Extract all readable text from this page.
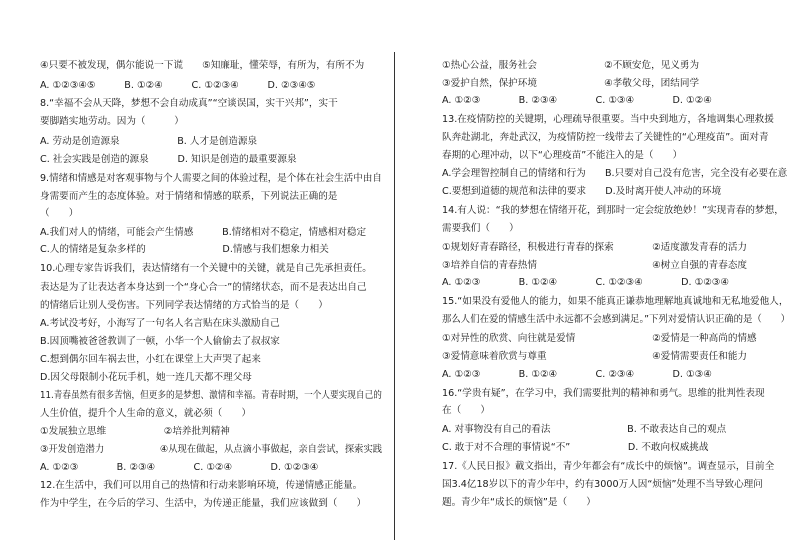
④只要不被发现，偶尔能说一下谎　　⑤知廉耻，懂荣辱，有所为，有所不为
A. ①②③④⑤　　　B. ①②④　　　C. ①②③④　　　D. ②③④⑤
8.“幸福不会从天降，梦想不会自动成真”“空谈误国，实干兴邦”，实干
要脚踏实地劳动。因为（　　　）
A. 劳动是创造源泉　　　　　　B. 人才是创造源泉
C. 社会实践是创造的源泉　　　D. 知识是创造的最重要源泉
9.情绪和情感是对客观事物与个人需要之间的体验过程，是个体在社会生活中由自
身需要而产生的态度体验。对于情绪和情感的联系，下列说法正确的是
（　　）
A.我们对人的情绪，可能会产生情感　　　B.情绪相对不稳定，情感相对稳定
C.人的情绪是复杂多样的　　　　　　　　D.情感与我们想象力相关
10.心理专家告诉我们，表达情绪有一个关键中的关键，就是自己先承担责任。
表达是为了让表达者本身达到一个“身心合一”的情绪状态，而不是表达出自己
的情绪后让别人受伤害。下列同学表达情绪的方式恰当的是（　　）
A.考试没考好，小海写了一句名人名言贴在床头激励自己
B.因顶嘴被爸爸教训了一顿，小华一个人偷偷去了叔叔家
C.想到偶尔回车祸去世，小红在课堂上大声哭了起来
D.因父母限制小花玩手机，她一连几天都不理父母
11.青春虽然有很多苦恼，但更多的是梦想、激情和幸福。青春时期，一个人要实现自己的
人生价值，提升个人生命的意义，就必须（　　）
①发展独立思维　　　　　　②培养批判精神
③开发创造潜力　　　　　　④从现在做起，从点滴小事做起，亲自尝试，探索实践
A. ①②③　　　　B. ②③④　　　　C. ①②④　　　　D. ①②③④
12.在生活中，我们可以用自己的热情和行动来影响环境，传递情感正能量。
作为中学生，在今后的学习、生活中，为传递正能量，我们应该做到（　　）
①热心公益，服务社会　　　　　　　②不顾安危，见义勇为
③爱护自然，保护环境　　　　　　　④孝敬父母，团结同学
A. ①②③　　　　B. ②③④　　　　C. ①③④　　　　D. ①②④
13.在疫情防控的关键期，心理疏导很重要。当中央到地方，各地调集心理救援
队奔赴湖北，奔赴武汉，为疫情防控一线带去了关键性的“心理疫苗”。面对青
春期的心理冲动，以下“心理疫苗”不能注入的是（　　）
A.学会理智控制自己的情绪和行为　　B.只要对自己没有危害，完全没有必要在意
C.要想到道德的规范和法律的要求　　D.及时离开使人冲动的环境
14.有人说：“我的梦想在情绪开花，到那时一定会绽放绝妙！”实现青春的梦想，
需要我们（　　）
①规划好青春路径，积极进行青春的探索　　　　②适度激发青春的活力
③培养自信的青春热情　　　　　　　　　　　　④树立自强的青春态度
A. ①②③　　　　B. ①②④　　　　C. ①②③④　　　　D. ①②③④
15.“如果没有爱他人的能力，如果不能真正谦恭地理解地真诚地和无私地爱他人，
那么人们在爱的情感生活中永远都不会感到满足。”下列对爱情认识正确的是（　　）
①对异性的欣赏、向往就是爱情　　　　　　　　②爱情是一种高尚的情感
③爱情意味着欣赏与尊重　　　　　　　　　　　④爱情需要责任和能力
A. ①②③　　　　B. ①②④　　　　C. ②③④　　　　D. ①③④
16.“学贵有疑”，在学习中，我们需要批判的精神和勇气。思维的批判性表现
在（　　）
A. 对事物没有自己的看法　　　　　　　　B. 不敢表达自己的观点
C. 敢于对不合理的事情说“不”　　　　　　D. 不敢向权威挑战
17.《人民日报》載文指出，青少年都会有“成长中的烦恼”。调查显示，目前全
国3.4亿18岁以下的青少年中，约有3000万人因“烦恼”处理不当导致心理问
题。青少年“成长的烦恼”是（　　）
